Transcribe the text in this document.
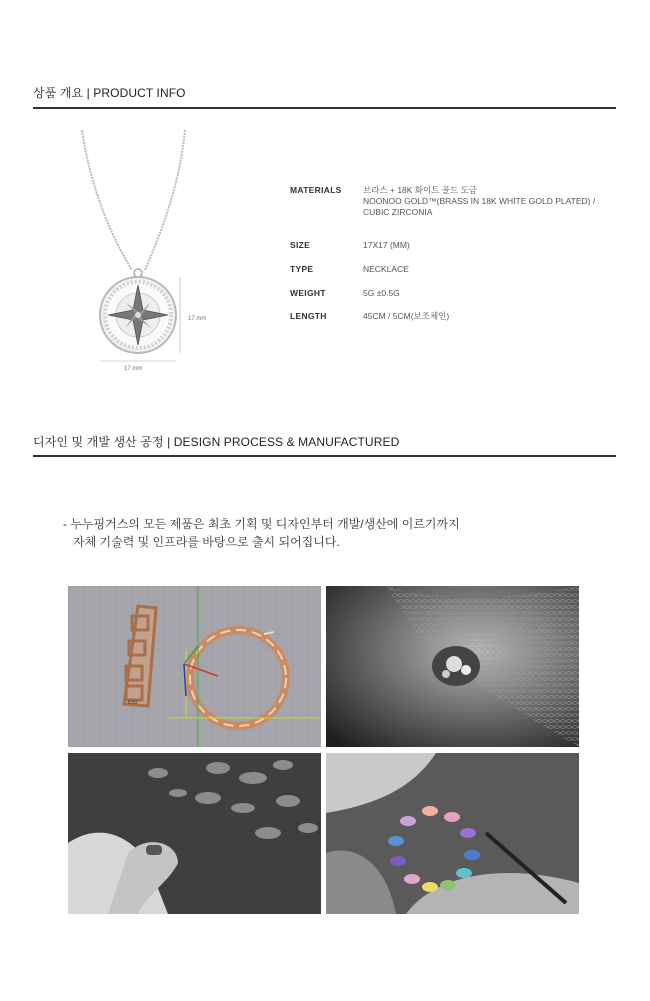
상품 개요 | PRODUCT INFO
17 mm
17 mm
MATERIALS	브라스 + 18K 화이트 골드 도금
NOONOO GOLD™(BRASS IN 18K WHITE GOLD PLATED) /
CUBIC ZIRCONIA
SIZE	17X17 (MM)
TYPE	NECKLACE
WEIGHT	5G ±0.5G
LENGTH	45CM / 5CM(보조체인)
디자인 및 개발 생산 공정 | DESIGN PROCESS & MANUFACTURED
- 누누핑거스의 모든 제품은 최초 기획 및 디자인부터 개발/생산에 이르기까지
자체 기술력 및 인프라를 바탕으로 출시 되어집니다.
8.62
